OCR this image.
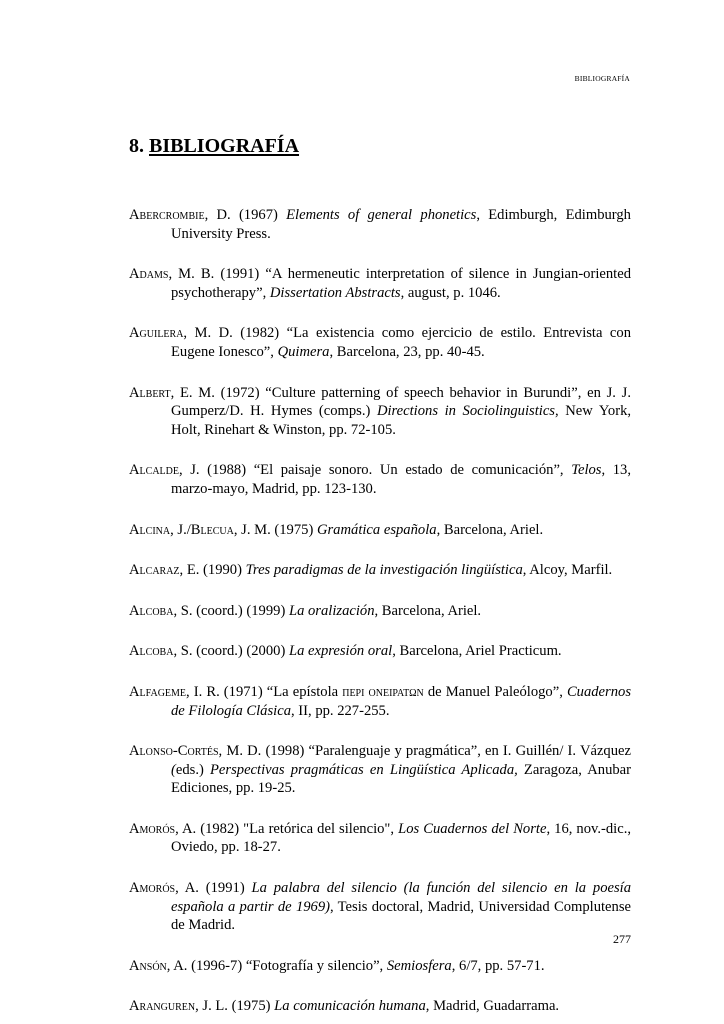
BIBLIOGRAFÍA
8. BIBLIOGRAFÍA

Abercrombie, D. (1967) Elements of general phonetics, Edimburgh, Edimburgh University Press.

Adams, M. B. (1991) “A hermeneutic interpretation of silence in Jungian-oriented psychotherapy”, Dissertation Abstracts, august, p. 1046.

Aguilera, M. D. (1982) “La existencia como ejercicio de estilo. Entrevista con Eugene Ionesco”, Quimera, Barcelona, 23, pp. 40-45.

Albert, E. M. (1972) “Culture patterning of speech behavior in Burundi”, en J. J. Gumperz/D. H. Hymes (comps.) Directions in Sociolinguistics, New York, Holt, Rinehart & Winston, pp. 72-105.

Alcalde, J. (1988) “El paisaje sonoro. Un estado de comunicación”, Telos, 13, marzo-mayo, Madrid, pp. 123-130.

Alcina, J./Blecua, J. M. (1975) Gramática española, Barcelona, Ariel.

Alcaraz, E. (1990) Tres paradigmas de la investigación lingüística, Alcoy, Marfil.

Alcoba, S. (coord.) (1999) La oralización, Barcelona, Ariel.

Alcoba, S. (coord.) (2000) La expresión oral, Barcelona, Ariel Practicum.

Alfageme, I. R. (1971) “La epístola περι ονειρατων de Manuel Paleólogo”, Cuadernos de Filología Clásica, II, pp. 227-255.

Alonso-Cortés, M. D. (1998) “Paralenguaje y pragmática”, en I. Guillén/ I. Vázquez (eds.) Perspectivas pragmáticas en Lingüística Aplicada, Zaragoza, Anubar Ediciones, pp. 19-25.

Amorós, A. (1982) "La retórica del silencio", Los Cuadernos del Norte, 16, nov.-dic., Oviedo, pp. 18-27.

Amorós, A. (1991) La palabra del silencio (la función del silencio en la poesía española a partir de 1969), Tesis doctoral, Madrid, Universidad Complutense de Madrid.

Ansón, A. (1996-7) “Fotografía y silencio”, Semiosfera, 6/7, pp. 57-71.

Aranguren, J. L. (1975) La comunicación humana, Madrid, Guadarrama.

277
